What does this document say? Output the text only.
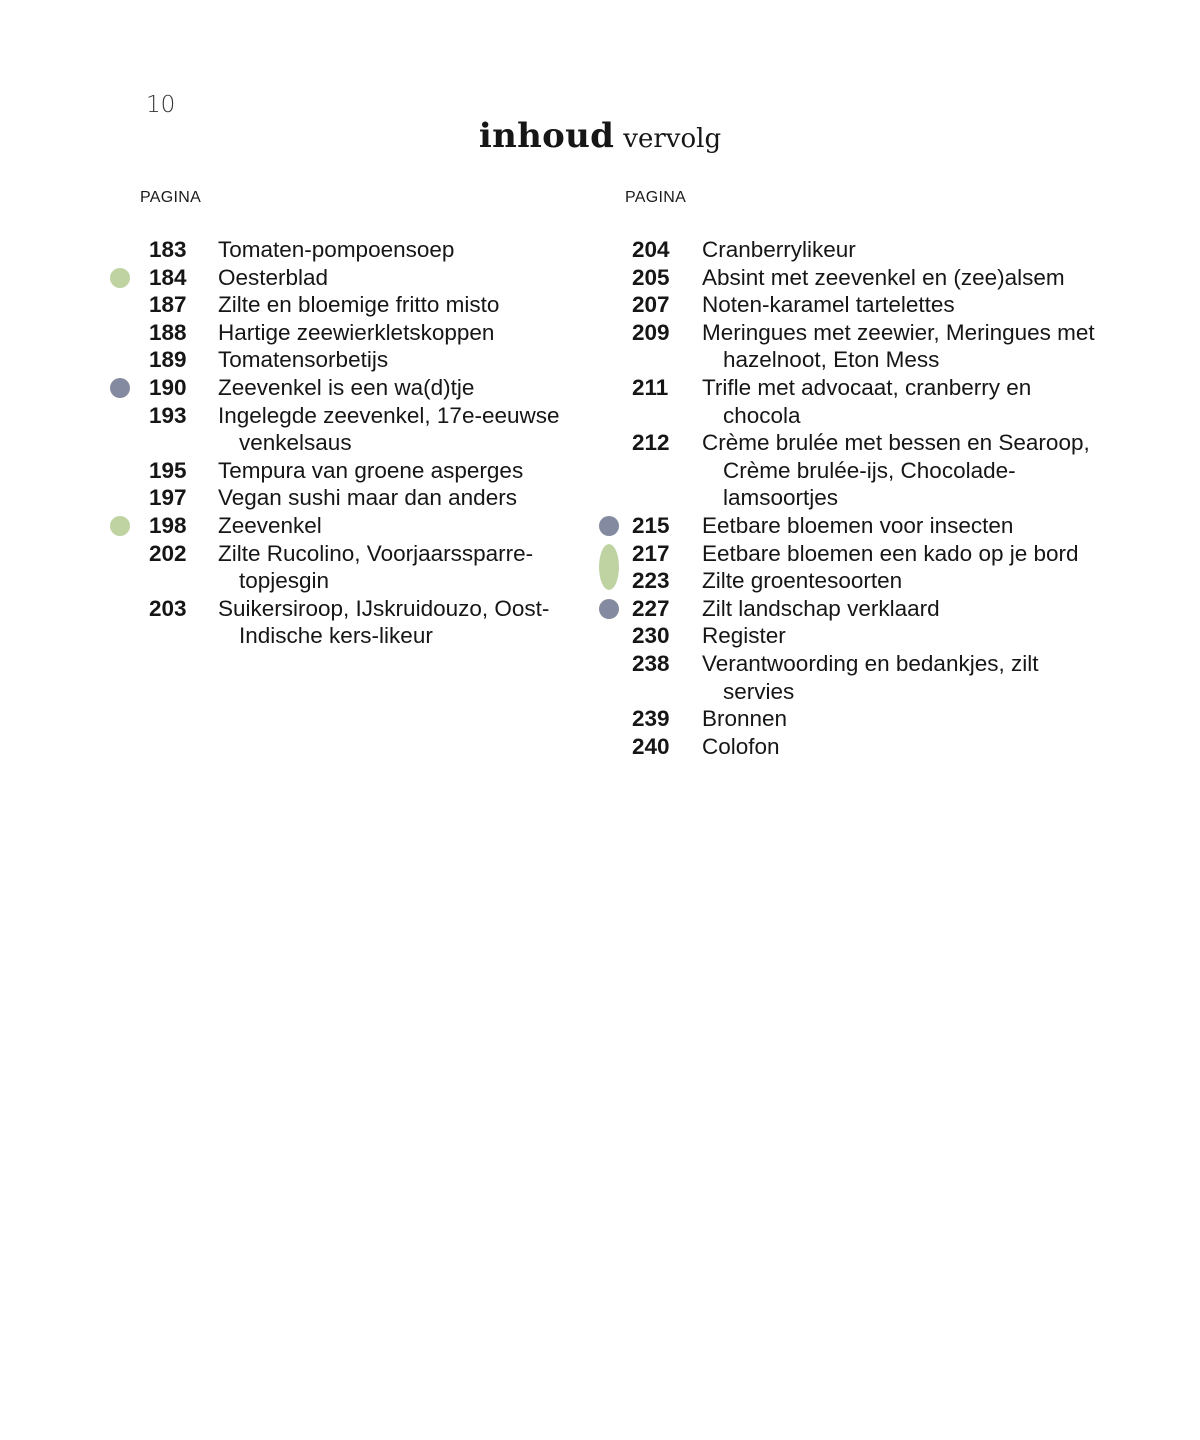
10
inhoud vervolg
PAGINA	PAGINA
183 Tomaten-pompoensoep
184 Oesterblad
187 Zilte en bloemige fritto misto
188 Hartige zeewierkletskoppen
189 Tomatensorbetijs
190 Zeevenkel is een wa(d)tje
193 Ingelegde zeevenkel, 17e-eeuwse venkelsaus
195 Tempura van groene asperges
197 Vegan sushi maar dan anders
198 Zeevenkel
202 Zilte Rucolino, Voorjaarssparre-topjesgin
203 Suikersiroop, IJskruidouzo, Oost-Indische kers-likeur
204 Cranberrylikeur
205 Absint met zeevenkel en (zee)alsem
207 Noten-karamel tartelettes
209 Meringues met zeewier, Meringues met hazelnoot, Eton Mess
211 Trifle met advocaat, cranberry en chocola
212 Crème brulée met bessen en Searoop, Crème brulée-ijs, Chocolade-lamsoortjes
215 Eetbare bloemen voor insecten
217 Eetbare bloemen een kado op je bord
223 Zilte groentesoorten
227 Zilt landschap verklaard
230 Register
238 Verantwoording en bedankjes, zilt servies
239 Bronnen
240 Colofon
